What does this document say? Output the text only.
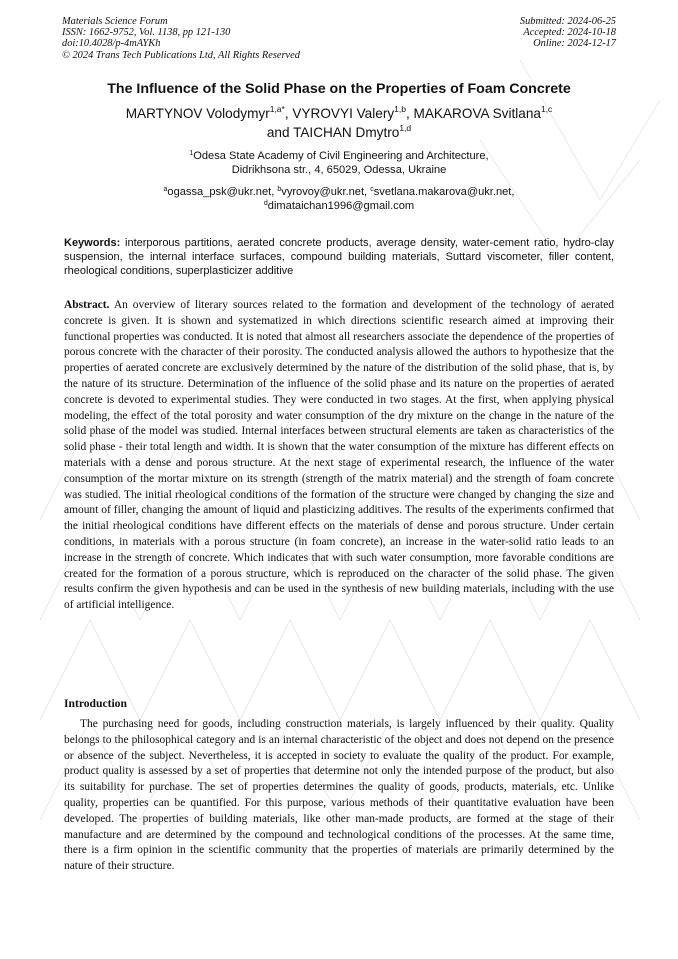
Materials Science Forum
ISSN: 1662-9752, Vol. 1138, pp 121-130
doi:10.4028/p-4mAYKh
© 2024 Trans Tech Publications Ltd, All Rights Reserved
Submitted: 2024-06-25
Accepted: 2024-10-18
Online: 2024-12-17
The Influence of the Solid Phase on the Properties of Foam Concrete
MARTYNOV Volodymyr$^{1,a*}$, VYROVYI Valery$^{1,b}$, MAKAROVA Svitlana$^{1,c}$
and TAICHAN Dmytro$^{1,d}$
$^1$Odesa State Academy of Civil Engineering and Architecture,
Didrikhsona str., 4, 65029, Odessa, Ukraine
$^a$ogassa_psk@ukr.net, $^b$vyrovoy@ukr.net, $^c$svetlana.makarova@ukr.net,
$^d$dimataichan1996@gmail.com
Keywords: interporous partitions, aerated concrete products, average density, water-cement ratio, hydro-clay suspension, the internal interface surfaces, compound building materials, Suttard viscometer, filler content, rheological conditions, superplasticizer additive
Abstract. An overview of literary sources related to the formation and development of the technology of aerated concrete is given. It is shown and systematized in which directions scientific research aimed at improving their functional properties was conducted. It is noted that almost all researchers associate the dependence of the properties of porous concrete with the character of their porosity. The conducted analysis allowed the authors to hypothesize that the properties of aerated concrete are exclusively determined by the nature of the distribution of the solid phase, that is, by the nature of its structure. Determination of the influence of the solid phase and its nature on the properties of aerated concrete is devoted to experimental studies. They were conducted in two stages. At the first, when applying physical modeling, the effect of the total porosity and water consumption of the dry mixture on the change in the nature of the solid phase of the model was studied. Internal interfaces between structural elements are taken as characteristics of the solid phase - their total length and width. It is shown that the water consumption of the mixture has different effects on materials with a dense and porous structure. At the next stage of experimental research, the influence of the water consumption of the mortar mixture on its strength (strength of the matrix material) and the strength of foam concrete was studied. The initial rheological conditions of the formation of the structure were changed by changing the size and amount of filler, changing the amount of liquid and plasticizing additives. The results of the experiments confirmed that the initial rheological conditions have different effects on the materials of dense and porous structure. Under certain conditions, in materials with a porous structure (in foam concrete), an increase in the water-solid ratio leads to an increase in the strength of concrete. Which indicates that with such water consumption, more favorable conditions are created for the formation of a porous structure, which is reproduced on the character of the solid phase. The given results confirm the given hypothesis and can be used in the synthesis of new building materials, including with the use of artificial intelligence.
Introduction
The purchasing need for goods, including construction materials, is largely influenced by their quality. Quality belongs to the philosophical category and is an internal characteristic of the object and does not depend on the presence or absence of the subject. Nevertheless, it is accepted in society to evaluate the quality of the product. For example, product quality is assessed by a set of properties that determine not only the intended purpose of the product, but also its suitability for purchase. The set of properties determines the quality of goods, products, materials, etc. Unlike quality, properties can be quantified. For this purpose, various methods of their quantitative evaluation have been developed. The properties of building materials, like other man-made products, are formed at the stage of their manufacture and are determined by the compound and technological conditions of the processes. At the same time, there is a firm opinion in the scientific community that the properties of materials are primarily determined by the nature of their structure.
